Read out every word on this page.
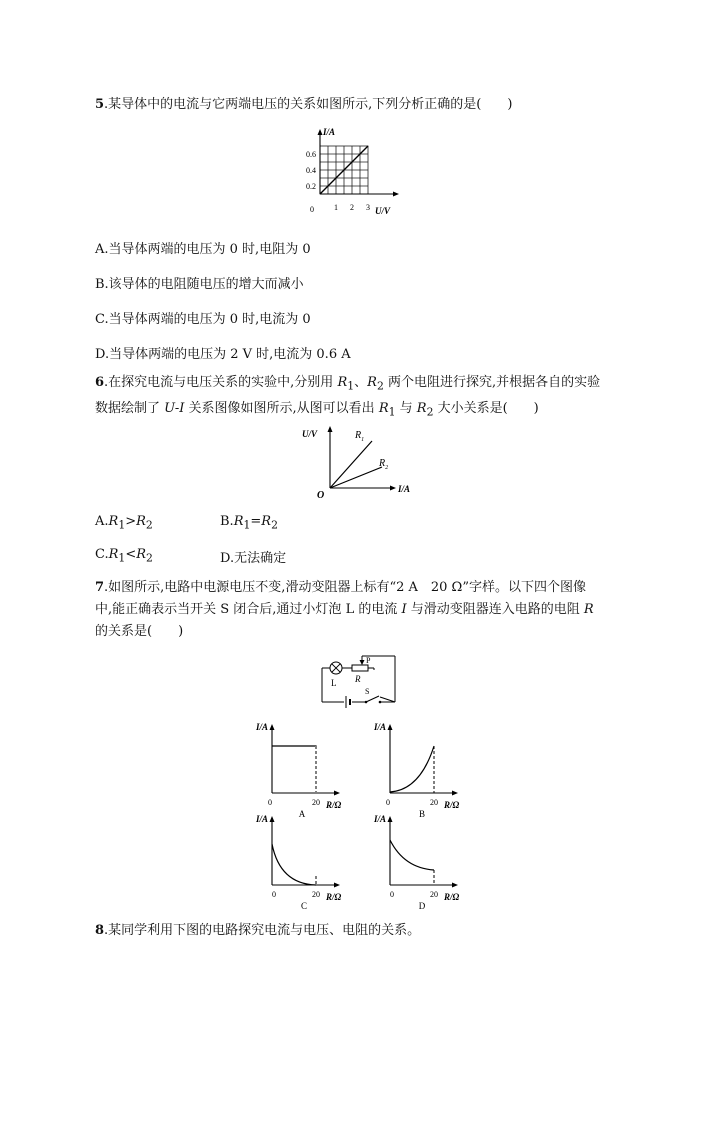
5.某导体中的电流与它两端电压的关系如图所示,下列分析正确的是(　　)
I/A
0.6
0.4
0.2
0	1 2 3 U/V
A.当导体两端的电压为 0 时,电阻为 0
B.该导体的电阻随电压的增大而减小
C.当导体两端的电压为 0 时,电流为 0
D.当导体两端的电压为 2 V 时,电流为 0.6 A
6.在探究电流与电压关系的实验中,分别用 $R_1$、$R_2$ 两个电阻进行探究,并根据各自的实验
数据绘制了 U-I 关系图像如图所示,从图可以看出 $R_1$ 与 $R_2$ 大小关系是(　　)
U/V
I/A
O
$R_1$
$R_2$
$A.R_1>R_2$	$B.R_1=R_2$
$C.R_1<R_2$	D.无法确定
7.如图所示,电路中电源电压不变,滑动变阻器上标有“2 A　20 Ω”字样。以下四个图像
中,能正确表示当开关 S 闭合后,通过小灯泡 L 的电流 I 与滑动变阻器连入电路的电阻 R
的关系是(　　)
P
L R
S
I/A
0	20 R/Ω
A
I/A
0	20 R/Ω
B
I/A
0	20 R/Ω
C
I/A
0	20 R/Ω
D
8.某同学利用下图的电路探究电流与电压、电阻的关系。
